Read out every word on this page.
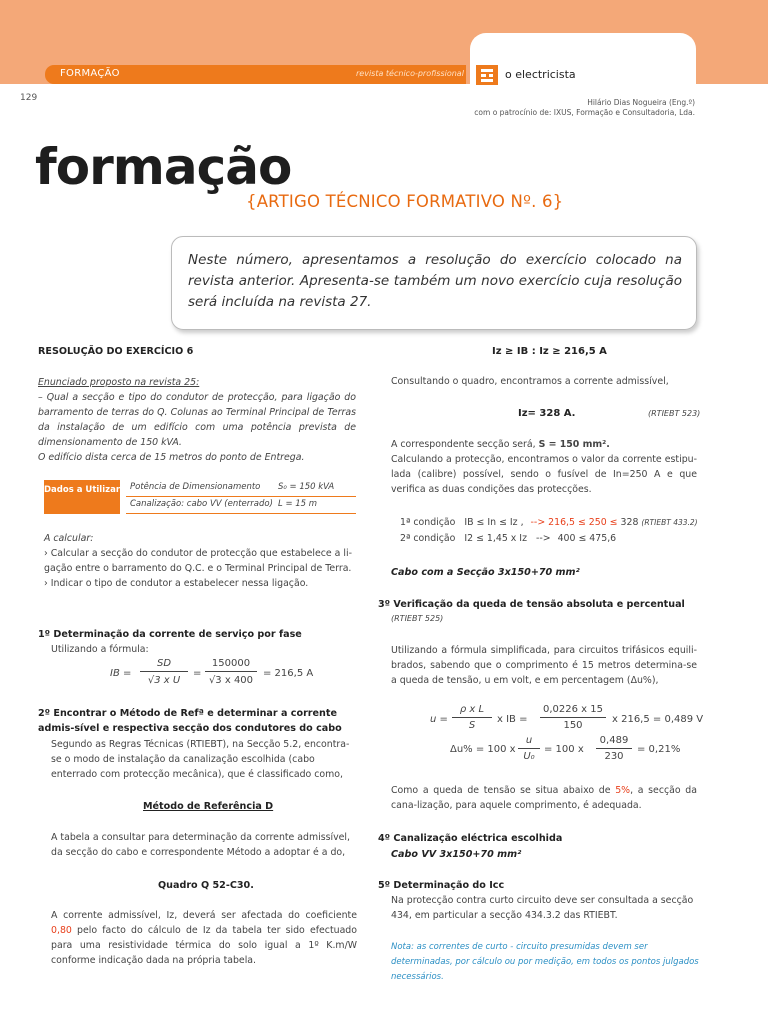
FORMAÇÃO	revista técnico-profissional	o electricista
129	Hilário Dias Nogueira (Eng.º)
com o patrocínio de: IXUS, Formação e Consultadoria, Lda.
formação
{ARTIGO TÉCNICO FORMATIVO Nº. 6}
Neste número, apresentamos a resolução do exercício colocado na revista anterior. Apresenta-se também um novo exercício cuja resolução será incluída na revista 27.
RESOLUÇÃO DO EXERCÍCIO 6
Enunciado proposto na revista 25:
– Qual a secção e tipo do condutor de protecção, para ligação do barramento de terras do Q. Colunas ao Terminal Principal de Terras da instalação de um edifício com uma potência prevista de dimensionamento de 150 kVA.
O edifício dista cerca de 15 metros do ponto de Entrega.
Dados a Utilizar Potência de Dimensionamento S₀ = 150 kVA
Canalização: cabo VV (enterrado) L = 15 m
A calcular:
› Calcular a secção do condutor de protecção que estabelece a li-gação entre o barramento do Q.C. e o Terminal Principal de Terra.
› Indicar o tipo de condutor a estabelecer nessa ligação.
1º Determinação da corrente de serviço por fase
Utilizando a fórmula:
IB =
SD
√3 x U
=
150000
√3 x 400
= 216,5 A
2º Encontrar o Método de Refª e determinar a corrente admis-sível e respectiva secção dos condutores do cabo
Segundo as Regras Técnicas (RTIEBT), na Secção 5.2, encontra-se o modo de instalação da canalização escolhida (cabo enterrado com protecção mecânica), que é classificado como,
Método de Referência D
A tabela a consultar para determinação da corrente admissível, da secção do cabo e correspondente Método a adoptar é a do,
Quadro Q 52-C30.
A corrente admissível, Iz, deverá ser afectada do coeficiente 0,80 pelo facto do cálculo de Iz da tabela ter sido efectuado para uma resistividade térmica do solo igual a 1º K.m/W conforme indicação dada na própria tabela.
Iz ≥ IB : Iz ≥ 216,5 A
Consultando o quadro, encontramos a corrente admissível,
Iz= 328 A.	(RTIEBT 523)
A correspondente secção será, S = 150 mm².
Calculando a protecção, encontramos o valor da corrente estipu-lada (calibre) possível, sendo o fusível de In=250 A e que verifica as duas condições das protecções.
1ª condição IB ≤ In ≤ Iz , --> 216,5 ≤ 250 ≤ 328 (RTIEBT 433.2)
2ª condição I2 ≤ 1,45 x Iz --> 400 ≤ 475,6
Cabo com a Secção 3x150+70 mm²
3º Verificação da queda de tensão absoluta e percentual
(RTIEBT 525)
Utilizando a fórmula simplificada, para circuitos trifásicos equili-brados, sabendo que o comprimento é 15 metros determina-se a queda de tensão, u em volt, e em percentagem (Δu%),
u =
ρ x L
S
x IB =
0,0226 x 15
150
x 216,5 = 0,489 V
Δu% = 100 x
u
U₀
= 100 x
0,489
230
= 0,21%
Como a queda de tensão se situa abaixo de 5%, a secção da cana-lização, para aquele comprimento, é adequada.
4º Canalização eléctrica escolhida
Cabo VV 3x150+70 mm²
5º Determinação do Icc
Na protecção contra curto circuito deve ser consultada a secção 434, em particular a secção 434.3.2 das RTIEBT.
Nota: as correntes de curto - circuito presumidas devem ser determinadas, por cálculo ou por medição, em todos os pontos julgados necessários.
